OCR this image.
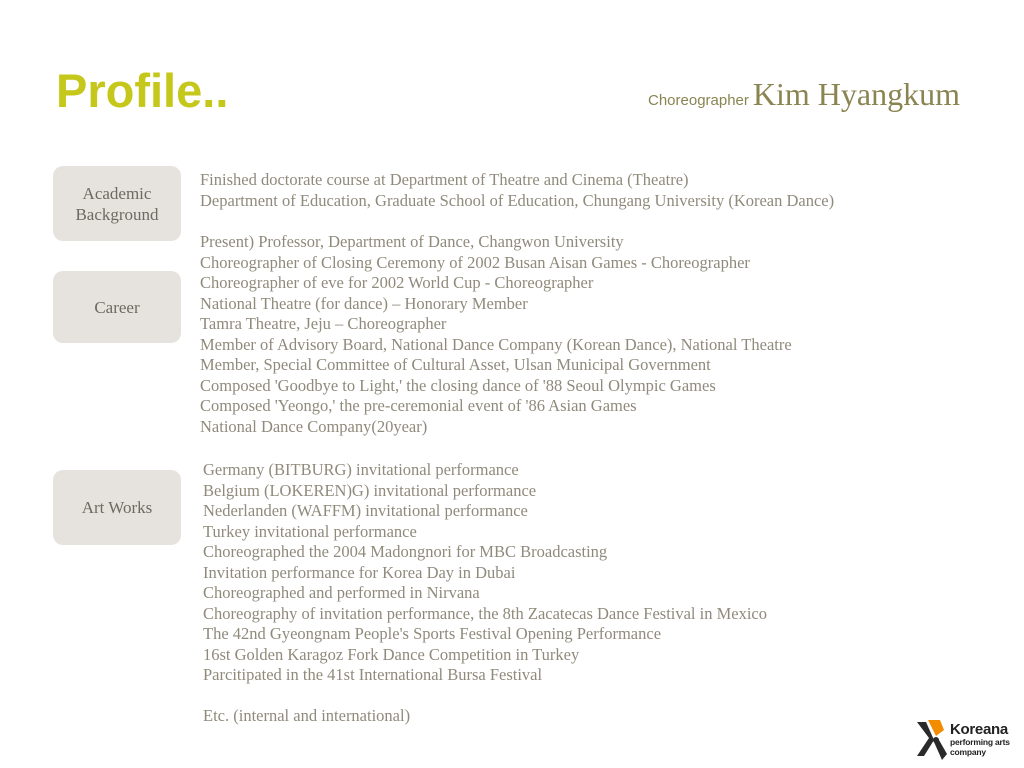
Profile..	Choreographer Kim Hyangkum
Academic
Background
Finished doctorate course at Department of Theatre and Cinema (Theatre)
Department of Education, Graduate School of Education, Chungang University (Korean Dance)
Career
Present) Professor, Department of Dance, Changwon University
Choreographer of Closing Ceremony of 2002 Busan Aisan Games - Choreographer
Choreographer of eve for 2002 World Cup - Choreographer
National Theatre (for dance) – Honorary Member
Tamra Theatre, Jeju – Choreographer
Member of Advisory Board, National Dance Company (Korean Dance), National Theatre
Member, Special Committee of Cultural Asset, Ulsan Municipal Government
Composed 'Goodbye to Light,' the closing dance of '88 Seoul Olympic Games
Composed 'Yeongo,' the pre-ceremonial event of '86 Asian Games
National Dance Company(20year)
Art Works
Germany (BITBURG) invitational performance
Belgium (LOKEREN)G) invitational performance
Nederlanden (WAFFM) invitational performance
Turkey invitational performance
Choreographed the 2004 Madongnori for MBC Broadcasting
Invitation performance for Korea Day in Dubai
Choreographed and performed in Nirvana
Choreography of invitation performance, the 8th Zacatecas Dance Festival in Mexico
The 42nd Gyeongnam People's Sports Festival Opening Performance
16st Golden Karagoz Fork Dance Competition in Turkey
Parcitipated in the 41st International Bursa Festival
Etc. (internal and international)
Koreana
performing arts
company
